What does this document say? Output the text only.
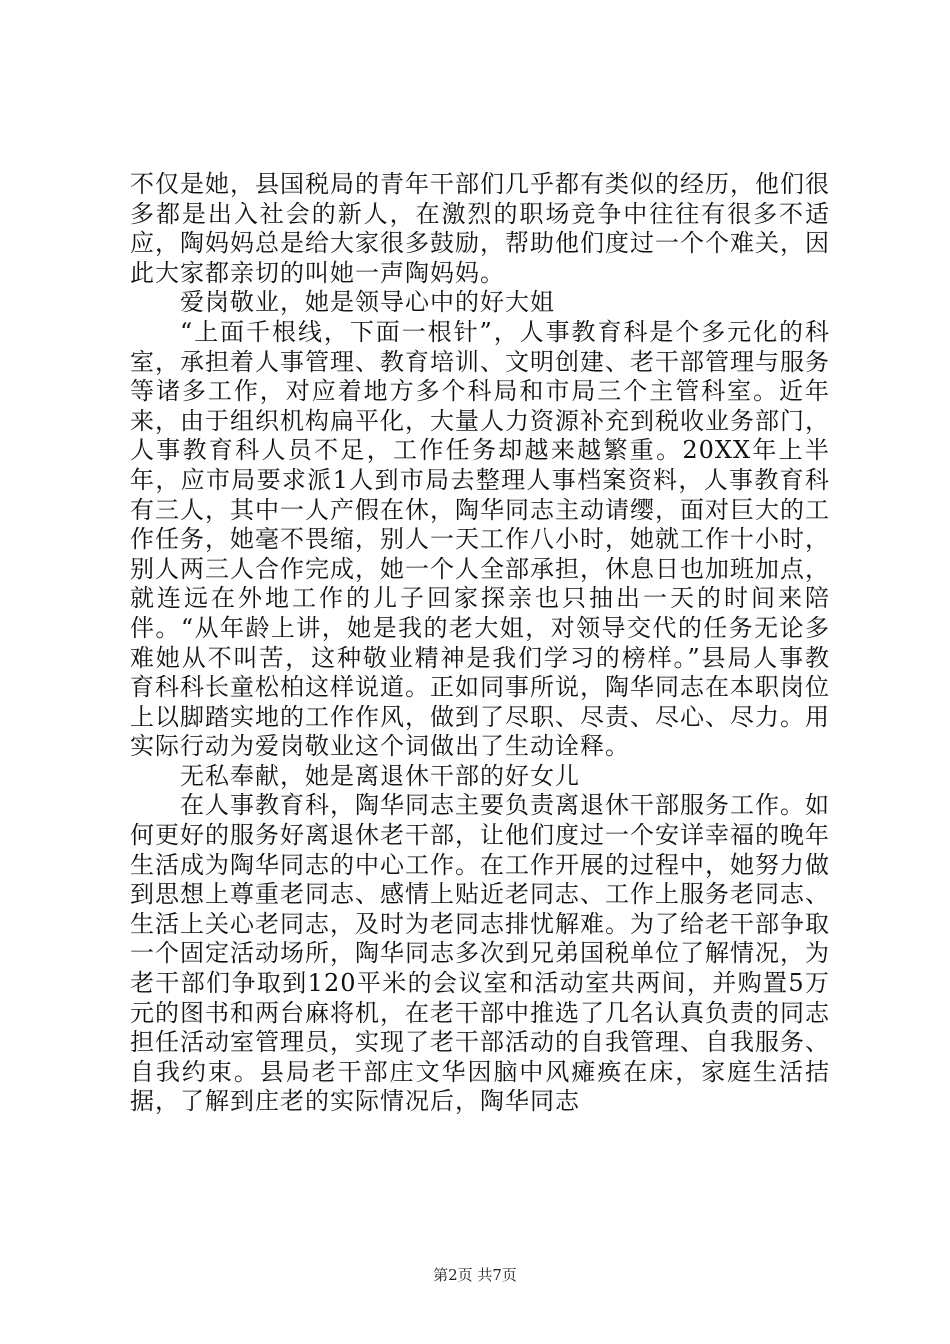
不仅是她，县国税局的青年干部们几乎都有类似的经历，他们很多都是出入社会的新人，在激烈的职场竞争中往往有很多不适应，陶妈妈总是给大家很多鼓励，帮助他们度过一个个难关，因此大家都亲切的叫她一声陶妈妈。

爱岗敬业，她是领导心中的好大姐

“上面千根线，下面一根针”，人事教育科是个多元化的科室，承担着人事管理、教育培训、文明创建、老干部管理与服务等诸多工作，对应着地方多个科局和市局三个主管科室。近年来，由于组织机构扁平化，大量人力资源补充到税收业务部门，人事教育科人员不足，工作任务却越来越繁重。20XX年上半年，应市局要求派1人到市局去整理人事档案资料，人事教育科有三人，其中一人产假在休，陶华同志主动请缨，面对巨大的工作任务，她毫不畏缩，别人一天工作八小时，她就工作十小时，别人两三人合作完成，她一个人全部承担，休息日也加班加点，就连远在外地工作的儿子回家探亲也只抽出一天的时间来陪伴。“从年龄上讲，她是我的老大姐，对领导交代的任务无论多难她从不叫苦，这种敬业精神是我们学习的榜样。”县局人事教育科科长童松柏这样说道。正如同事所说，陶华同志在本职岗位上以脚踏实地的工作作风，做到了尽职、尽责、尽心、尽力。用实际行动为爱岗敬业这个词做出了生动诠释。

无私奉献，她是离退休干部的好女儿

在人事教育科，陶华同志主要负责离退休干部服务工作。如何更好的服务好离退休老干部，让他们度过一个安详幸福的晚年生活成为陶华同志的中心工作。在工作开展的过程中，她努力做到思想上尊重老同志、感情上贴近老同志、工作上服务老同志、生活上关心老同志，及时为老同志排忧解难。为了给老干部争取一个固定活动场所，陶华同志多次到兄弟国税单位了解情况，为老干部们争取到120平米的会议室和活动室共两间，并购置5万元的图书和两台麻将机，在老干部中推选了几名认真负责的同志担任活动室管理员，实现了老干部活动的自我管理、自我服务、自我约束。县局老干部庄文华因脑中风瘫痪在床，家庭生活拮据，了解到庄老的实际情况后，陶华同志

第2页 共7页
